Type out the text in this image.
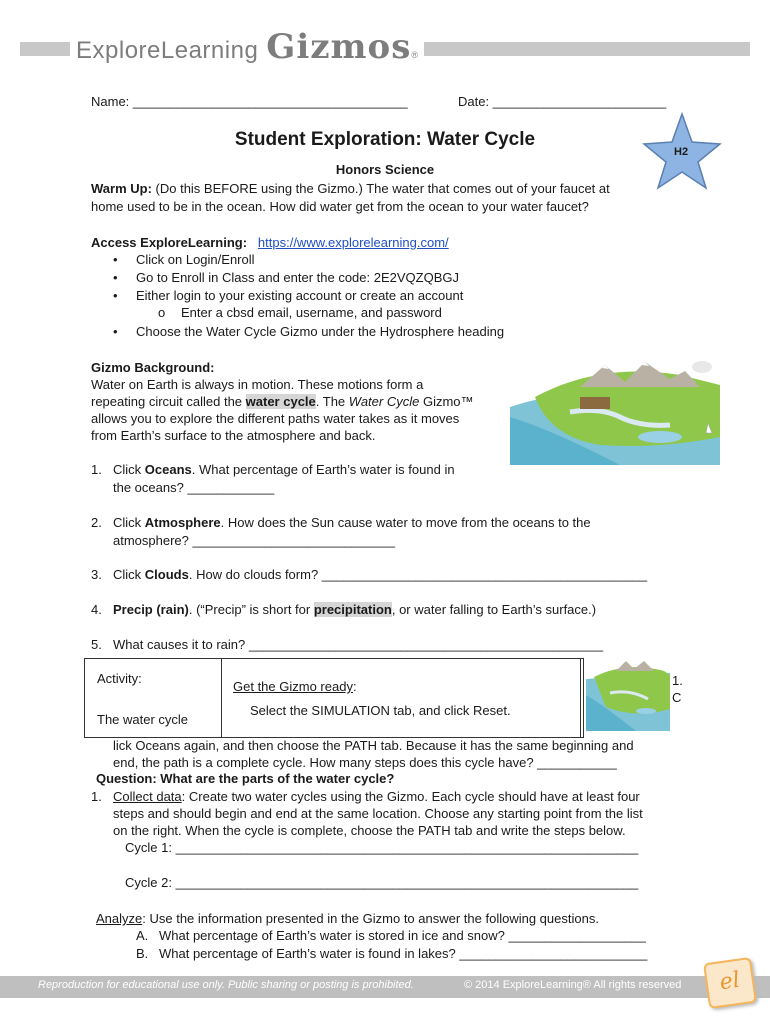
ExploreLearning Gizmos$_®$
Name: ______________________________________	Date: ________________________
H2
Student Exploration: Water Cycle
Honors Science
Warm Up: (Do this BEFORE using the Gizmo.) The water that comes out of your faucet at
home used to be in the ocean. How did water get from the ocean to your water faucet?
Access ExploreLearning: https://www.explorelearning.com/
• Click on Login/Enroll
• Go to Enroll in Class and enter the code: 2E2VQZQBGJ
• Either login to your existing account or create an account
o Enter a cbsd email, username, and password
• Choose the Water Cycle Gizmo under the Hydrosphere heading
Gizmo Background:
Water on Earth is always in motion. These motions form a
repeating circuit called the water cycle. The Water Cycle Gizmo™
allows you to explore the different paths water takes as it moves
from Earth’s surface to the atmosphere and back.
1. Click Oceans. What percentage of Earth’s water is found in
the oceans? ____________
2. Click Atmosphere. How does the Sun cause water to move from the oceans to the
atmosphere? ____________________________
3. Click Clouds. How do clouds form? _____________________________________________
4. Precip (rain). (“Precip” is short for precipitation, or water falling to Earth’s surface.)
5. What causes it to rain? _________________________________________________
Activity:
The water cycle
Get the Gizmo ready:
Select the SIMULATION tab, and click Reset.
1.
C
lick Oceans again, and then choose the PATH tab. Because it has the same beginning and
end, the path is a complete cycle. How many steps does this cycle have? ___________
Question: What are the parts of the water cycle?
1. Collect data: Create two water cycles using the Gizmo. Each cycle should have at least four
steps and should begin and end at the same location. Choose any starting point from the list
on the right. When the cycle is complete, choose the PATH tab and write the steps below.
Cycle 1: ________________________________________________________________
Cycle 2: ________________________________________________________________
Analyze: Use the information presented in the Gizmo to answer the following questions.
A. What percentage of Earth’s water is stored in ice and snow? ___________________
B. What percentage of Earth’s water is found in lakes? __________________________
Reproduction for educational use only. Public sharing or posting is prohibited.	© 2014 ExploreLearning® All rights reserved	el
